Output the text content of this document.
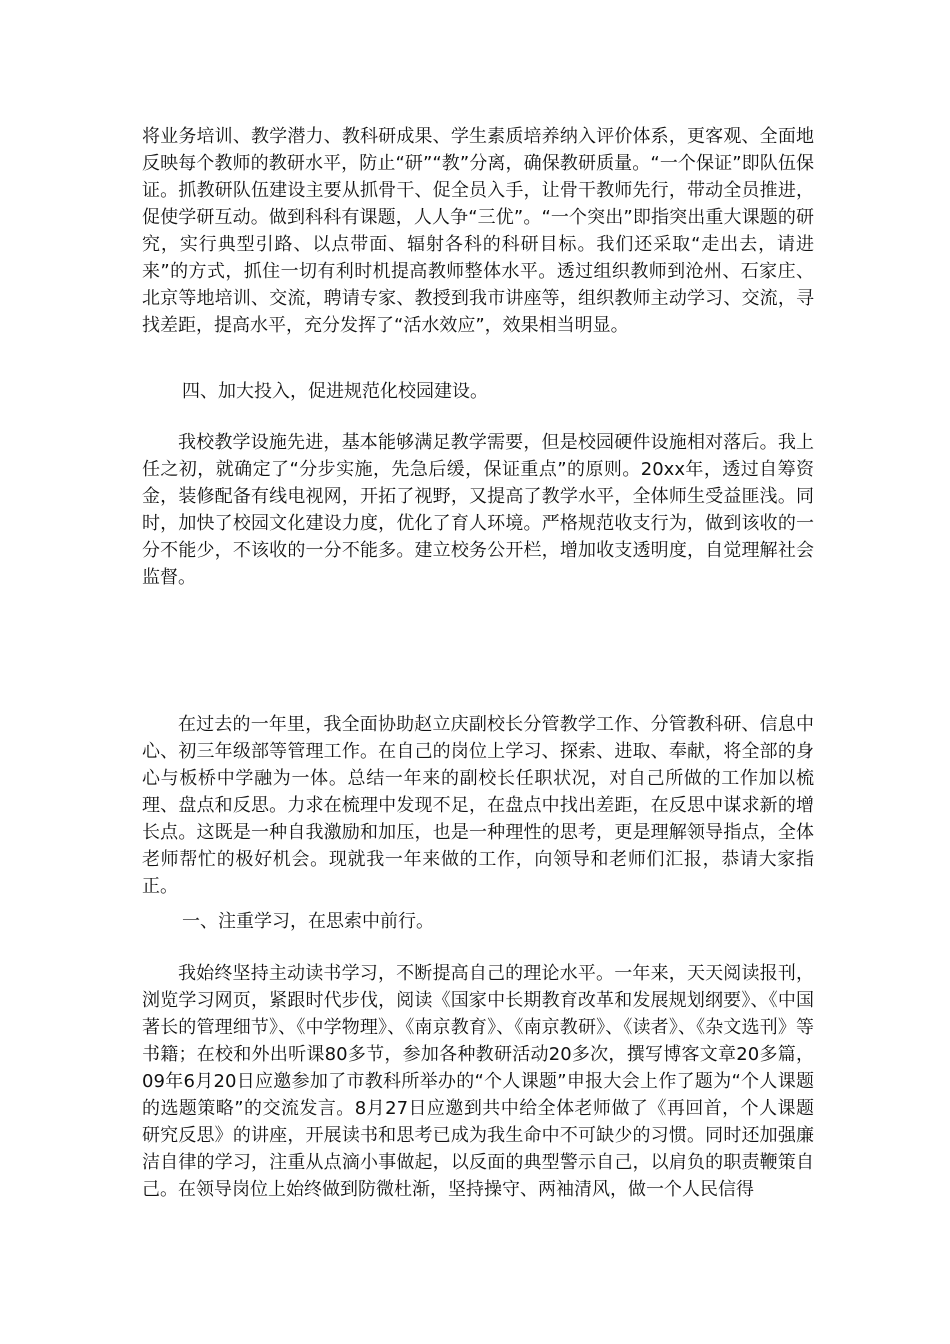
将业务培训、教学潜力、教科研成果、学生素质培养纳入评价体系，更客观、全面地反映每个教师的教研水平，防止“研”“教”分离，确保教研质量。“一个保证”即队伍保证。抓教研队伍建设主要从抓骨干、促全员入手，让骨干教师先行，带动全员推进，促使学研互动。做到科科有课题，人人争“三优”。“一个突出”即指突出重大课题的研究，实行典型引路、以点带面、辐射各科的科研目标。我们还采取“走出去，请进来”的方式，抓住一切有利时机提高教师整体水平。透过组织教师到沧州、石家庄、北京等地培训、交流，聘请专家、教授到我市讲座等，组织教师主动学习、交流，寻找差距，提高水平，充分发挥了“活水效应”，效果相当明显。

四、加大投入，促进规范化校园建设。

我校教学设施先进，基本能够满足教学需要，但是校园硬件设施相对落后。我上任之初，就确定了“分步实施，先急后缓，保证重点”的原则。20xx年，透过自筹资金，装修配备有线电视网，开拓了视野，又提高了教学水平，全体师生受益匪浅。同时，加快了校园文化建设力度，优化了育人环境。严格规范收支行为，做到该收的一分不能少，不该收的一分不能多。建立校务公开栏，增加收支透明度，自觉理解社会监督。

在过去的一年里，我全面协助赵立庆副校长分管教学工作、分管教科研、信息中心、初三年级部等管理工作。在自己的岗位上学习、探索、进取、奉献，将全部的身心与板桥中学融为一体。总结一年来的副校长任职状况，对自己所做的工作加以梳理、盘点和反思。力求在梳理中发现不足，在盘点中找出差距，在反思中谋求新的增长点。这既是一种自我激励和加压，也是一种理性的思考，更是理解领导指点，全体老师帮忙的极好机会。现就我一年来做的工作，向领导和老师们汇报，恭请大家指正。

一、注重学习，在思索中前行。

我始终坚持主动读书学习，不断提高自己的理论水平。一年来，天天阅读报刊，浏览学习网页，紧跟时代步伐，阅读《国家中长期教育改革和发展规划纲要》、《中国著长的管理细节》、《中学物理》、《南京教育》、《南京教研》、《读者》、《杂文选刊》等书籍；在校和外出听课80多节，参加各种教研活动20多次，撰写博客文章20多篇，09年6月20日应邀参加了市教科所举办的“个人课题”申报大会上作了题为“个人课题的选题策略”的交流发言。8月27日应邀到共中给全体老师做了《再回首，个人课题研究反思》的讲座，开展读书和思考已成为我生命中不可缺少的习惯。同时还加强廉洁自律的学习，注重从点滴小事做起，以反面的典型警示自己，以肩负的职责鞭策自己。在领导岗位上始终做到防微杜渐，坚持操守、两袖清风，做一个人民信得
